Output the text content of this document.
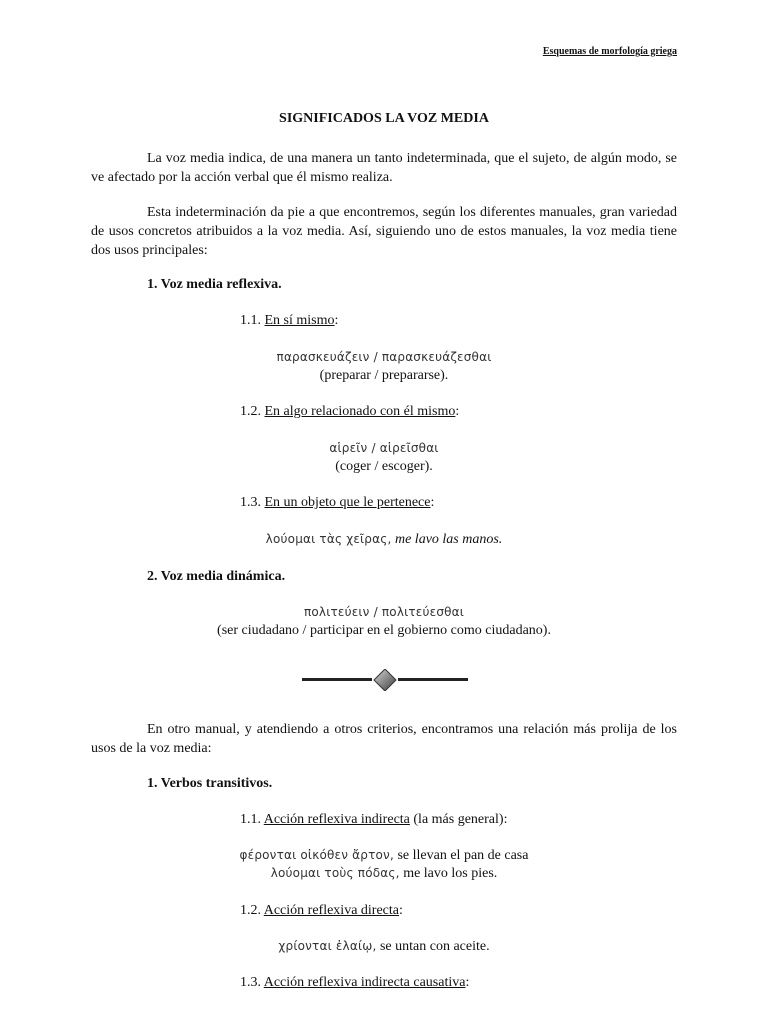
Esquemas de morfología griega
SIGNIFICADOS LA VOZ MEDIA
La voz media indica, de una manera un tanto indeterminada, que el sujeto, de algún modo, se ve afectado por la acción verbal que él mismo realiza.
Esta indeterminación da pie a que encontremos, según los diferentes manuales, gran variedad de usos concretos atribuidos a la voz media. Así, siguiendo uno de estos manuales, la voz media tiene dos usos principales:
1. Voz media reflexiva.
1.1. En sí mismo:
παρασκευάζειν / παρασκευάζεσθαι
(preparar / prepararse).
1.2. En algo relacionado con él mismo:
αἱρεῖν / αἱρεῖσθαι
(coger / escoger).
1.3. En un objeto que le pertenece:
λούομαι τὰς χεῖρας, me lavo las manos.
2. Voz media dinámica.
πολιτεύειν / πολιτεύεσθαι
(ser ciudadano / participar en el gobierno como ciudadano).
En otro manual, y atendiendo a otros criterios, encontramos una relación más prolija de los usos de la voz media:
1. Verbos transitivos.
1.1. Acción reflexiva indirecta (la más general):
φέρονται οἰκόθεν ἄρτον, se llevan el pan de casa
λούομαι τοὺς πόδας, me lavo los pies.
1.2. Acción reflexiva directa:
χρίονται ἐλαίῳ, se untan con aceite.
1.3. Acción reflexiva indirecta causativa:
